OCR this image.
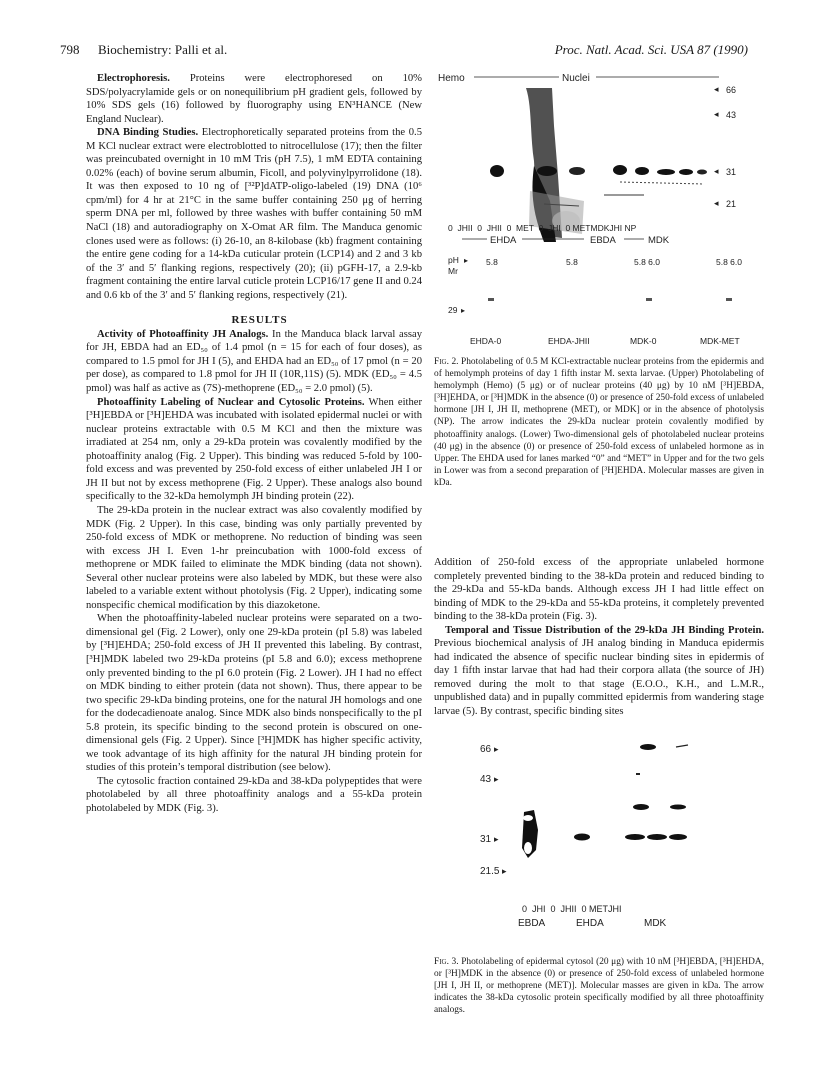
798 Biochemistry: Palli et al.	Proc. Natl. Acad. Sci. USA 87 (1990)

Electrophoresis. Proteins were electrophoresed on 10% SDS/polyacrylamide gels or on nonequilibrium pH gradient gels, followed by 10% SDS gels (16) followed by fluorography using EN³HANCE (New England Nuclear).

DNA Binding Studies. Electrophoretically separated proteins from the 0.5 M KCl nuclear extract were electroblotted to nitrocellulose (17); then the filter was preincubated overnight in 10 mM Tris (pH 7.5), 1 mM EDTA containing 0.02% (each) of bovine serum albumin, Ficoll, and polyvinylpyrrolidone (18). It was then exposed to 10 ng of [³²P]dATP-oligo-labeled (19) DNA (10⁶ cpm/ml) for 4 hr at 21°C in the same buffer containing 250 μg of herring sperm DNA per ml, followed by three washes with buffer containing 50 mM NaCl (18) and autoradiography on X-Omat AR film. The Manduca genomic clones used were as follows: (i) 26-10, an 8-kilobase (kb) fragment containing the entire gene coding for a 14-kDa cuticular protein (LCP14) and 2 and 3 kb of the 3′ and 5′ flanking regions, respectively (20); (ii) pGFH-17, a 2.9-kb fragment containing the entire larval cuticle protein LCP16/17 gene II and 0.24 and 0.6 kb of the 3′ and 5′ flanking regions, respectively (21).

RESULTS

Activity of Photoaffinity JH Analogs. In the Manduca black larval assay for JH, EBDA had an ED₅₀ of 1.4 pmol (n = 15 for each of four doses), as compared to 1.5 pmol for JH I (5), and EHDA had an ED₅₀ of 17 pmol (n = 20 per dose), as compared to 1.8 pmol for JH II (10R,11S) (5). MDK (ED₅₀ = 4.5 pmol) was half as active as (7S)-methoprene (ED₅₀ = 2.0 pmol) (5).

Photoaffinity Labeling of Nuclear and Cytosolic Proteins. When either [³H]EBDA or [³H]EHDA was incubated with isolated epidermal nuclei or with nuclear proteins extractable with 0.5 M KCl and then the mixture was irradiated at 254 nm, only a 29-kDa protein was covalently modified by the photoaffinity analog (Fig. 2 Upper). This binding was reduced 5-fold by 100-fold excess and was prevented by 250-fold excess of either unlabeled JH I or JH II but not by excess methoprene (Fig. 2 Upper). These analogs also bound specifically to the 32-kDa hemolymph JH binding protein (22).

The 29-kDa protein in the nuclear extract was also covalently modified by MDK (Fig. 2 Upper). In this case, binding was only partially prevented by 250-fold excess of MDK or methoprene. No reduction of binding was seen with excess JH I. Even 1-hr preincubation with 1000-fold excess of methoprene or MDK failed to eliminate the MDK binding (data not shown). Several other nuclear proteins were also labeled by MDK, but these were also labeled to a variable extent without photolysis (Fig. 2 Upper), indicating some nonspecific chemical modification by this diazoketone.

When the photoaffinity-labeled nuclear proteins were separated on a two-dimensional gel (Fig. 2 Lower), only one 29-kDa protein (pI 5.8) was labeled by [³H]EHDA; 250-fold excess of JH II prevented this labeling. By contrast, [³H]MDK labeled two 29-kDa proteins (pI 5.8 and 6.0); excess methoprene only prevented binding to the pI 6.0 protein (Fig. 2 Lower). JH I had no effect on MDK binding to either protein (data not shown). Thus, there appear to be two specific 29-kDa binding proteins, one for the natural JH homologs and one for the dodecadienoate analog. Since MDK also binds nonspecifically to the pI 5.8 protein, its specific binding to the second protein is obscured on one-dimensional gels (Fig. 2 Upper). Since [³H]MDK has higher specific activity, we took advantage of its high affinity for the natural JH binding protein for studies of this protein’s temporal distribution (see below).

The cytosolic fraction contained 29-kDa and 38-kDa polypeptides that were photolabeled by all three photoaffinity analogs and a 55-kDa protein photolabeled by MDK (Fig. 3).

Hemo	Nuclei
66
43
31
21
◂
◂
◂
◂
0  JHII  0  JHII  0  MET  0  JHI  0 METMDKJHI NP
EHDA	EBDA	MDK
pH ▸
Mr
5.8	5.8	5.8 6.0	5.8 6.0
29 ▸
EHDA-0	EHDA-JHII	MDK-0	MDK-MET

Fig. 2. Photolabeling of 0.5 M KCl-extractable nuclear proteins from the epidermis and of hemolymph proteins of day 1 fifth instar M. sexta larvae. (Upper) Photolabeling of hemolymph (Hemo) (5 μg) or of nuclear proteins (40 μg) by 10 nM [³H]EBDA, [³H]EHDA, or [³H]MDK in the absence (0) or presence of 250-fold excess of unlabeled hormone [JH I, JH II, methoprene (MET), or MDK] or in the absence of photolysis (NP). The arrow indicates the 29-kDa nuclear protein covalently modified by photoaffinity analogs. (Lower) Two-dimensional gels of photolabeled nuclear proteins (40 μg) in the absence (0) or presence of 250-fold excess of unlabeled hormone as in Upper. The EHDA used for lanes marked “0” and “MET” in Upper and for the two gels in Lower was from a second preparation of [³H]EHDA. Molecular masses are given in kDa.

Addition of 250-fold excess of the appropriate unlabeled hormone completely prevented binding to the 38-kDa protein and reduced binding to the 29-kDa and 55-kDa bands. Although excess JH I had little effect on binding of MDK to the 29-kDa and 55-kDa proteins, it completely prevented binding to the 38-kDa protein (Fig. 3).

Temporal and Tissue Distribution of the 29-kDa JH Binding Protein. Previous biochemical analysis of JH analog binding in Manduca epidermis had indicated the absence of specific nuclear binding sites in epidermis of day 1 fifth instar larvae that had had their corpora allata (the source of JH) removed during the molt to that stage (E.O.O., K.H., and L.M.R., unpublished data) and in pupally committed epidermis from wandering stage larvae (5). By contrast, specific binding sites

66 ▸
43 ▸
31 ▸
21.5 ▸
0  JHI  0  JHII  0 METJHI
EBDA	EHDA	MDK

Fig. 3. Photolabeling of epidermal cytosol (20 μg) with 10 nM [³H]EBDA, [³H]EHDA, or [³H]MDK in the absence (0) or presence of 250-fold excess of unlabeled hormone [JH I, JH II, or methoprene (MET)]. Molecular masses are given in kDa. The arrow indicates the 38-kDa cytosolic protein specifically modified by all three photoaffinity analogs.
